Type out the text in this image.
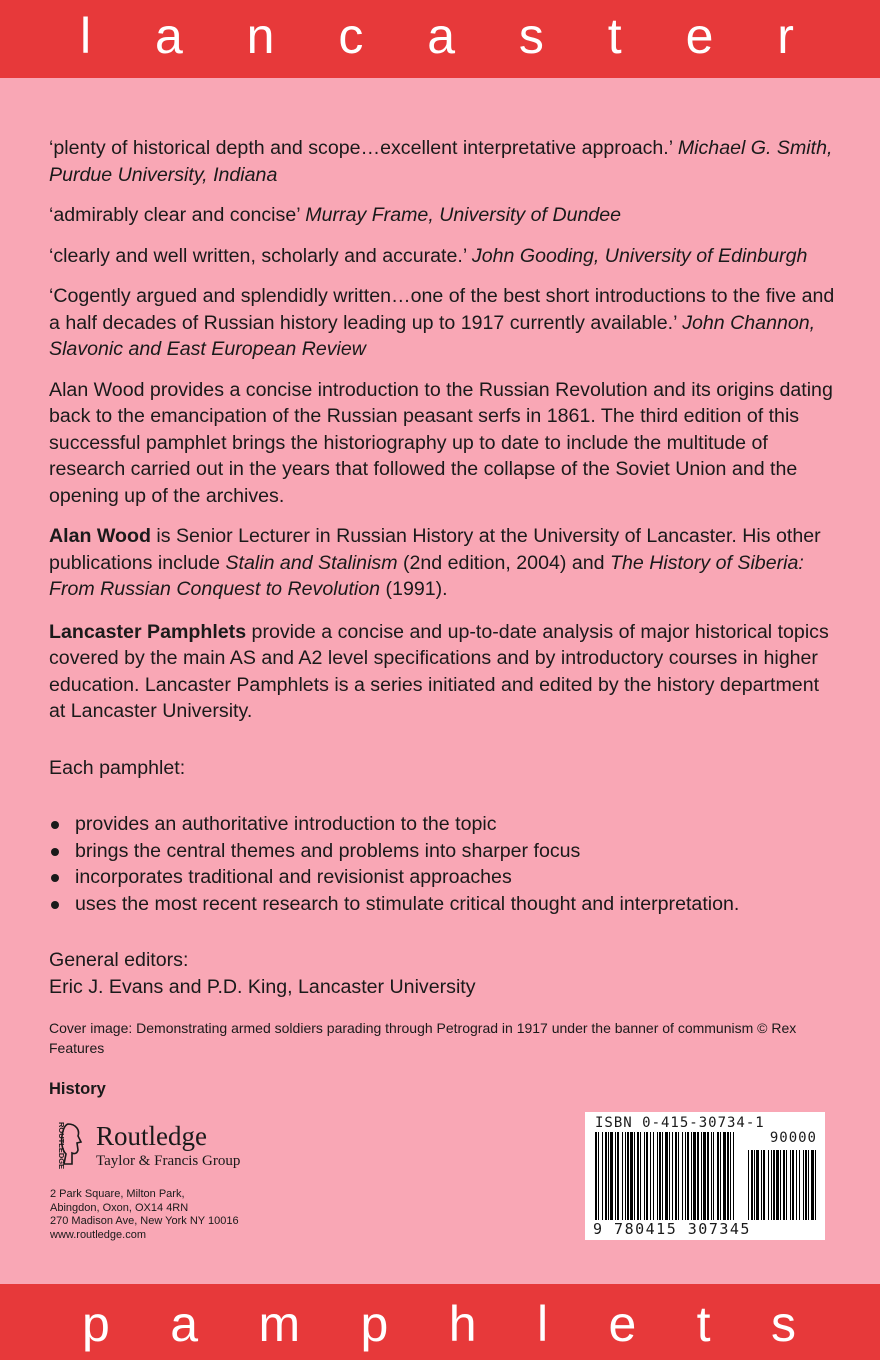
l a n c a s t e r

‘plenty of historical depth and scope…excellent interpretative approach.’ Michael G. Smith, Purdue University, Indiana

‘admirably clear and concise’ Murray Frame, University of Dundee

‘clearly and well written, scholarly and accurate.’ John Gooding, University of Edinburgh

‘Cogently argued and splendidly written…one of the best short introductions to the five and a half decades of Russian history leading up to 1917 currently available.’ John Channon, Slavonic and East European Review

Alan Wood provides a concise introduction to the Russian Revolution and its origins dating back to the emancipation of the Russian peasant serfs in 1861. The third edition of this successful pamphlet brings the historiography up to date to include the multitude of research carried out in the years that followed the collapse of the Soviet Union and the opening up of the archives.

Alan Wood is Senior Lecturer in Russian History at the University of Lancaster. His other publications include Stalin and Stalinism (2nd edition, 2004) and The History of Siberia: From Russian Conquest to Revolution (1991).

Lancaster Pamphlets provide a concise and up-to-date analysis of major historical topics covered by the main AS and A2 level specifications and by introductory courses in higher education. Lancaster Pamphlets is a series initiated and edited by the history department at Lancaster University.

Each pamphlet:

provides an authoritative introduction to the topic
brings the central themes and problems into sharper focus
incorporates traditional and revisionist approaches
uses the most recent research to stimulate critical thought and interpretation.

General editors:

Eric J. Evans and P.D. King, Lancaster University

Cover image: Demonstrating armed soldiers parading through Petrograd in 1917 under the banner of communism © Rex Features

History

ROUTLEDGE Routledge
Taylor & Francis Group
2 Park Square, Milton Park,
Abingdon, Oxon, OX14 4RN
270 Madison Ave, New York NY 10016
www.routledge.com
ISBN 0-415-30734-1
90000
9 780415 307345
p a m p h l e t s
